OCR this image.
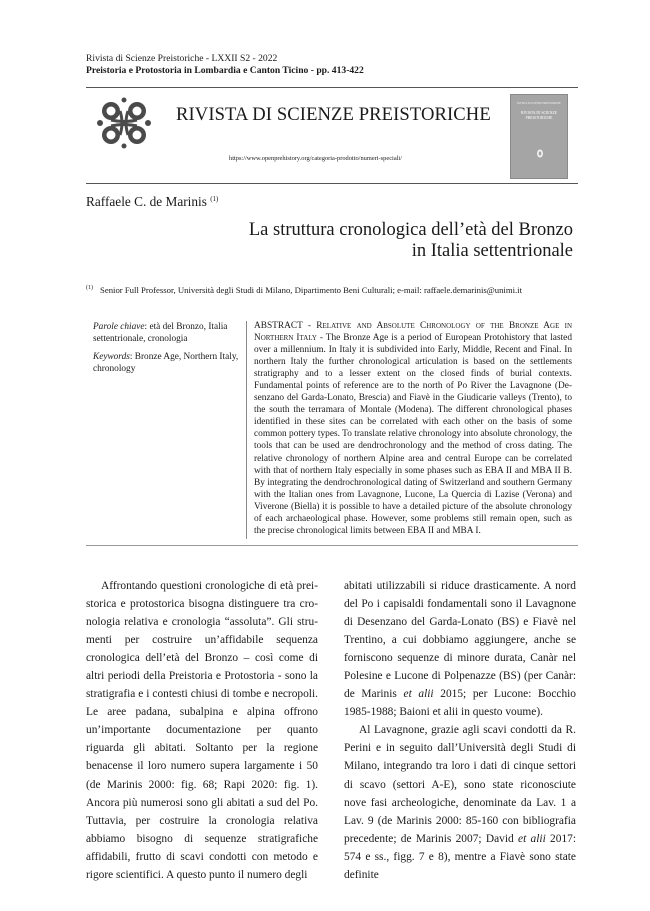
Rivista di Scienze Preistoriche - LXXII S2 - 2022
Preistoria e Protostoria in Lombardia e Canton Ticino - pp. 413-422
RIVISTA DI SCIENZE PREISTORICHE
https://www.openprehistory.org/categoria-prodotto/numeri-speciali/
RIVISTA DI SCIENZE PREISTORICHE
RIVISTA DI SCIENZE PREISTORICHE
Raffaele C. de Marinis $^{(1)}$
La struttura cronologica dell’età del Bronzo
in Italia settentrionale
$^{(1)}$ Senior Full Professor, Università degli Studi di Milano, Dipartimento Beni Culturali; e-mail: raffaele.demarinis@unimi.it

Parole chiave: età del Bronzo, Italia settentrionale, cronologia

Keywords: Bronze Age, Northern Italy, chronology

ABSTRACT - Relative and Absolute Chronology of the Bronze Age in Northern Italy - The Bronze Age is a period of European Protohistory that lasted over a millennium. In Italy it is subdivided into Early, Middle, Recent and Final. In northern Italy the further chronological articulation is based on the settlements stratigraphy and to a lesser extent on the closed finds of burial contexts. Fundamental points of reference are to the north of Po River the Lavagnone (Desenzano del Garda-Lonato, Brescia) and Fiavè in the Giudicarie valleys (Trento), to the south the terramara of Montale (Modena). The different chronological phases identified in these sites can be correlated with each other on the basis of some common pottery types. To translate relative chronology into absolute chronology, the tools that can be used are dendrochronology and the method of cross dating. The relative chronology of northern Alpine area and central Europe can be correlated with that of northern Italy especially in some phases such as EBA II and MBA II B. By integrating the dendrochronological dating of Switzerland and southern Germany with the Italian ones from Lavagnone, Lucone, La Quercia di Lazise (Verona) and Viverone (Biella) it is possible to have a detailed picture of the absolute chronology of each archaeological phase. However, some problems still remain open, such as the precise chronological limits between EBA II and MBA I.

Affrontando questioni cronologiche di età preistorica e protostorica bisogna distinguere tra cronologia relativa e cronologia “assoluta”. Gli strumenti per costruire un’affidabile sequenza cronologica dell’età del Bronzo – così come di altri periodi della Preistoria e Protostoria - sono la stratigrafia e i contesti chiusi di tombe e necropoli. Le aree padana, subalpina e alpina offrono un’importante documentazione per quanto riguarda gli abitati. Soltanto per la regione benacense il loro numero supera largamente i 50 (de Marinis 2000: fig. 68; Rapi 2020: fig. 1). Ancora più numerosi sono gli abitati a sud del Po. Tuttavia, per costruire la cronologia relativa abbiamo bisogno di sequenze stratigrafiche affidabili, frutto di scavi condotti con metodo e rigore scientifici. A questo punto il numero degli

abitati utilizzabili si riduce drasticamente. A nord del Po i capisaldi fondamentali sono il Lavagnone di Desenzano del Garda-Lonato (BS) e Fiavè nel Trentino, a cui dobbiamo aggiungere, anche se forniscono sequenze di minore durata, Canàr nel Polesine e Lucone di Polpenazze (BS) (per Canàr: de Marinis et alii 2015; per Lucone: Bocchio 1985-1988; Baioni et alii in questo voume).

Al Lavagnone, grazie agli scavi condotti da R. Perini e in seguito dall’Università degli Studi di Milano, integrando tra loro i dati di cinque settori di scavo (settori A-E), sono state riconosciute nove fasi archeologiche, denominate da Lav. 1 a Lav. 9 (de Marinis 2000: 85-160 con bibliografia precedente; de Marinis 2007; David et alii 2017: 574 e ss., figg. 7 e 8), mentre a Fiavè sono state definite
